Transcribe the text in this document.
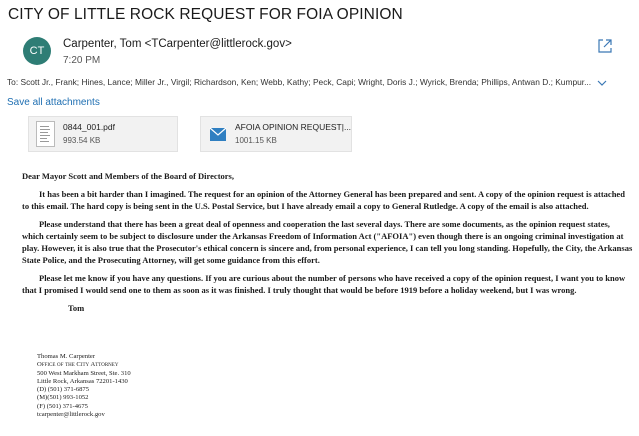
CITY OF LITTLE ROCK REQUEST FOR FOIA OPINION
CT
Carpenter, Tom <TCarpenter@littlerock.gov>
7:20 PM
To: Scott Jr., Frank; Hines, Lance; Miller Jr., Virgil; Richardson, Ken; Webb, Kathy; Peck, Capi; Wright, Doris J.; Wyrick, Brenda; Phillips, Antwan D.; Kumpur...
Save all attachments
0844_001.pdf
993.54 KB
AFOIA OPINION REQUEST|...
1001.15 KB

Dear Mayor Scott and Members of the Board of Directors,

It has been a bit harder than I imagined. The request for an opinion of the Attorney General has been prepared and sent. A copy of the opinion request is attached to this email. The hard copy is being sent in the U.S. Postal Service, but I have already email a copy to General Rutledge. A copy of the email is also attached.

Please understand that there has been a great deal of openness and cooperation the last several days. There are some documents, as the opinion request states, which certainly seem to be subject to disclosure under the Arkansas Freedom of Information Act ("AFOIA") even though there is an ongoing criminal investigation at play. However, it is also true that the Prosecutor's ethical concern is sincere and, from personal experience, I can tell you long standing. Hopefully, the City, the Arkansas State Police, and the Prosecuting Attorney, will get some guidance from this effort.

Please let me know if you have any questions. If you are curious about the number of persons who have received a copy of the opinion request, I want you to know that I promised I would send one to them as soon as it was finished. I truly thought that would be before 1919 before a holiday weekend, but I was wrong.

Tom

Thomas M. Carpenter
Office of the City Attorney
500 West Markham Street, Ste. 310
Little Rock, Arkansas 72201-1430
(D) (501) 371-6875
(M)(501) 993-1052
(F) (501) 371-4675
tcarpenter@littlerock.gov
